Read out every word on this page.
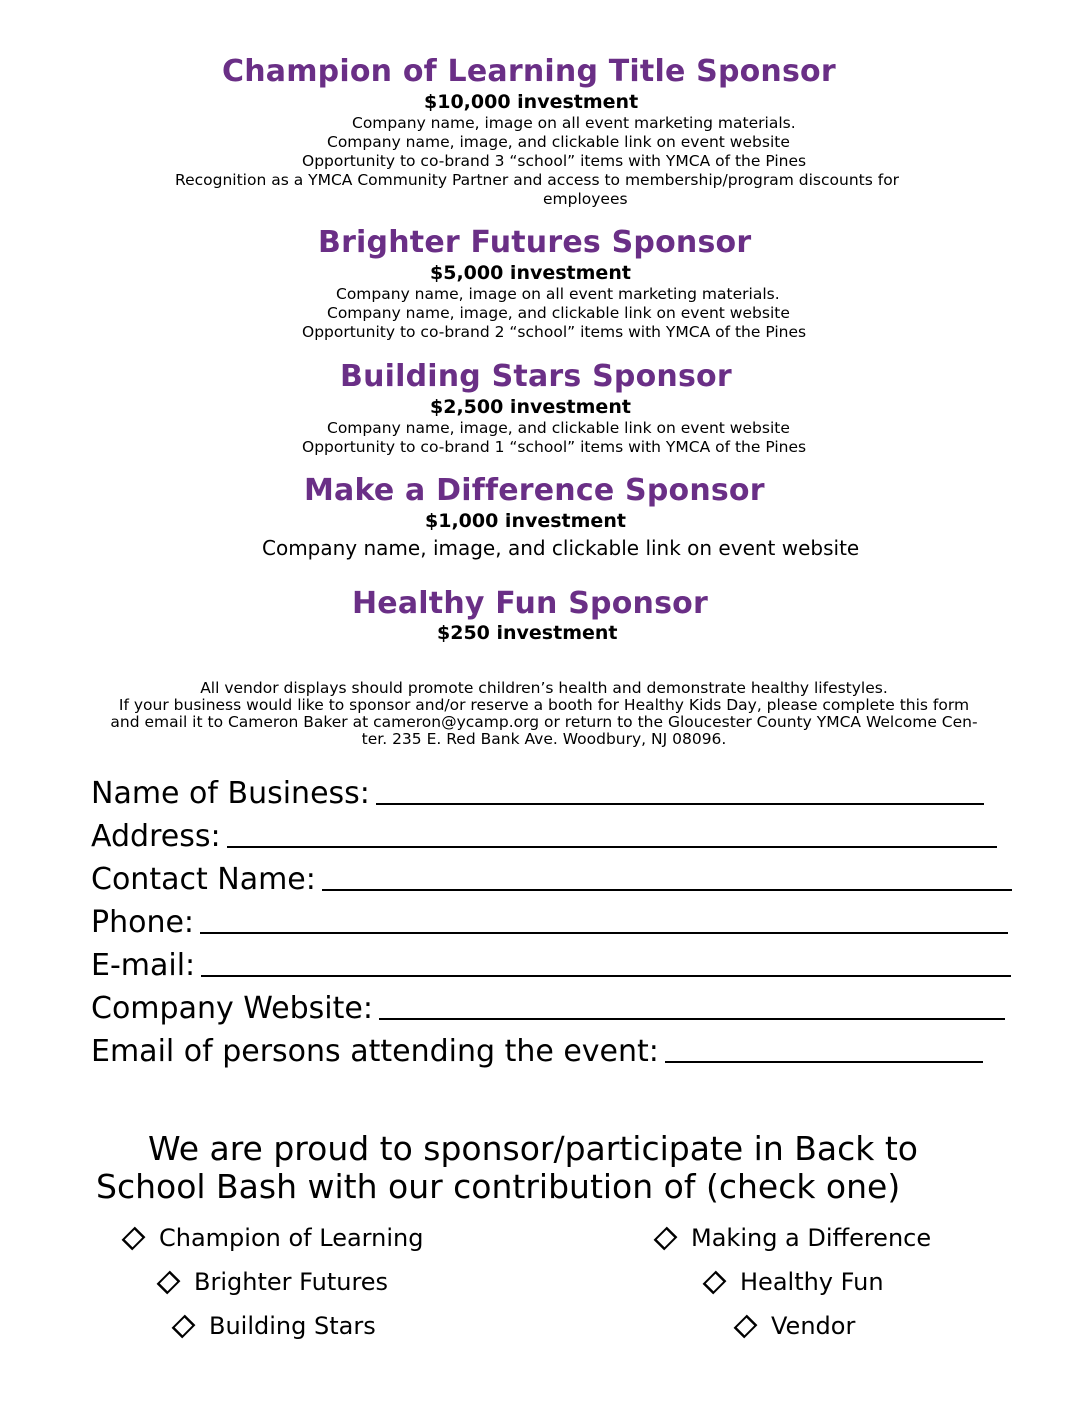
Champion of Learning Title Sponsor
$10,000 investment
Company name, image on all event marketing materials.
Company name, image, and clickable link on event website
Opportunity to co-brand 3 “school” items with YMCA of the Pines
Recognition as a YMCA Community Partner and access to membership/program discounts for
employees
Brighter Futures Sponsor
$5,000 investment
Company name, image on all event marketing materials.
Company name, image, and clickable link on event website
Opportunity to co-brand 2 “school” items with YMCA of the Pines
Building Stars Sponsor
$2,500 investment
Company name, image, and clickable link on event website
Opportunity to co-brand 1 “school” items with YMCA of the Pines
Make a Difference Sponsor
$1,000 investment
Company name, image, and clickable link on event website
Healthy Fun Sponsor
$250 investment
All vendor displays should promote children’s health and demonstrate healthy lifestyles.
If your business would like to sponsor and/or reserve a booth for Healthy Kids Day, please complete this form
and email it to Cameron Baker at cameron@ycamp.org or return to the Gloucester County YMCA Welcome Cen-
ter. 235 E. Red Bank Ave. Woodbury, NJ 08096.
Name of Business:
Address:
Contact Name:
Phone:
E-mail:
Company Website:
Email of persons attending the event:
We are proud to sponsor/participate in Back to
School Bash with our contribution of (check one)
Champion of Learning
Brighter Futures
Building Stars
Making a Difference
Healthy Fun
Vendor
